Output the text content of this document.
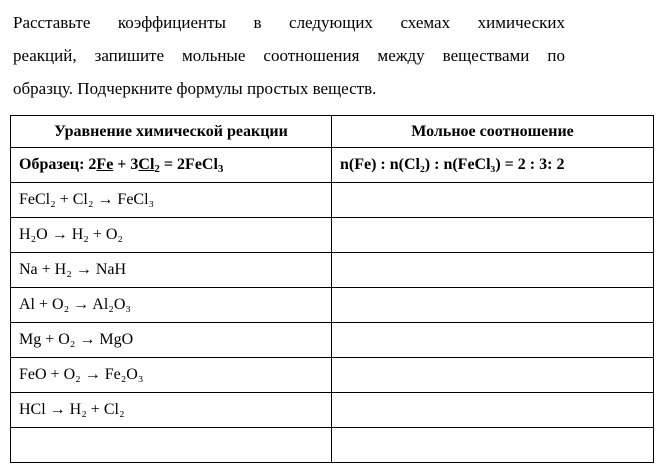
Расставьте коэффициенты в следующих схемах химических
реакций, запишите мольные соотношения между веществами по
образцу. Подчеркните формулы простых веществ.
Уравнение химической реакции	Мольное соотношение
Образец: $2Fe + 3Cl_2$ = 2FeCl$_3$	n(Fe) : n(Cl₂) : n(FeCl₃) = 2 : 3: 2
FeCl₂ + Cl₂ → FeCl₃	
H₂O → H₂ + O₂	
Na + H₂ → NaH	
Al + O₂ → Al₂O₃	
Mg + O₂ → MgO	
FeO + O₂ → Fe₂O₃	
HCl → H₂ + Cl₂	
